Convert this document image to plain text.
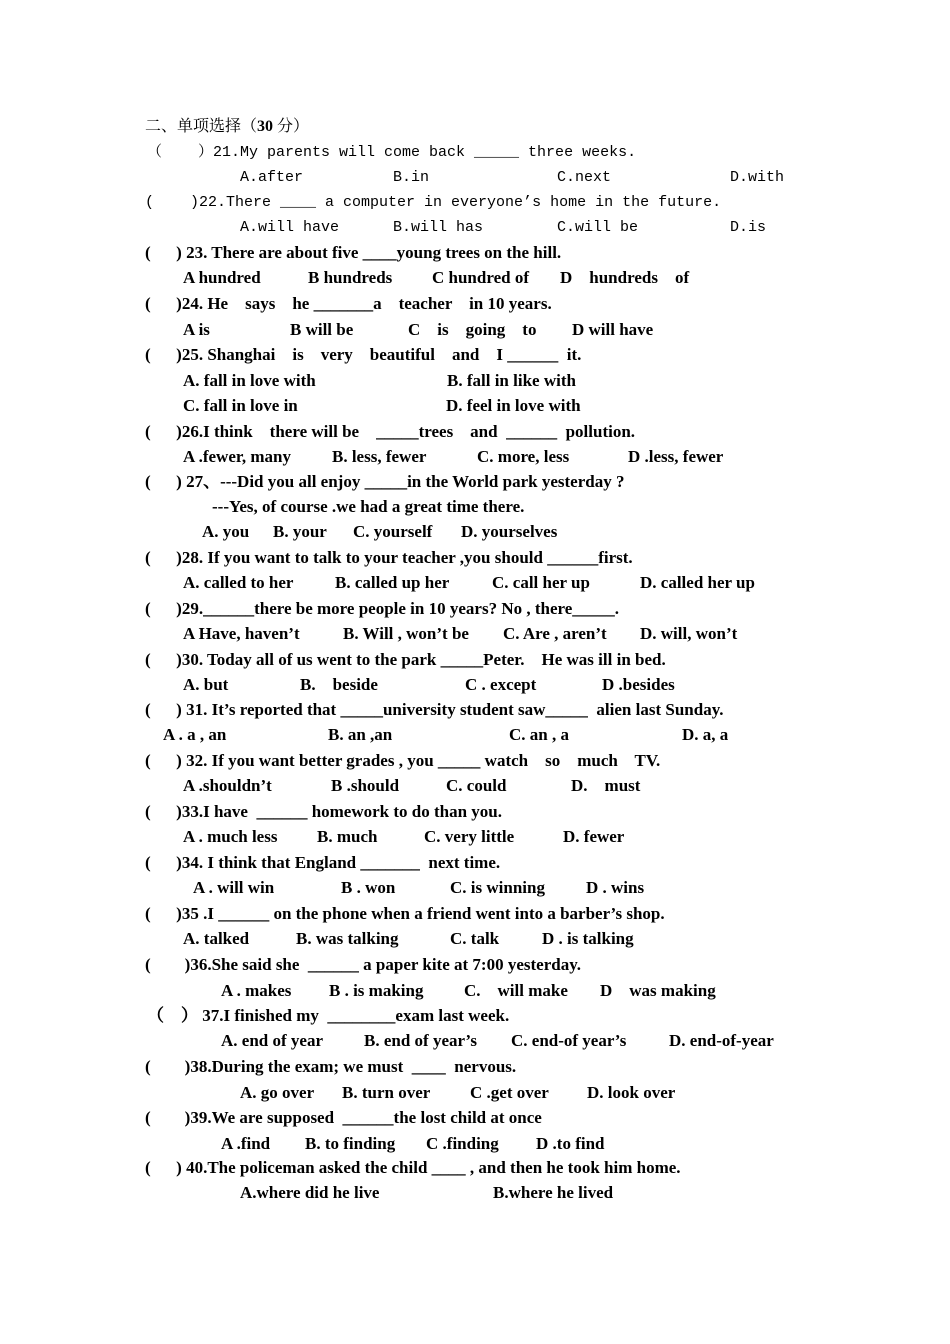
二、单项选择（30 分）
（    ）21.My parents will come back _____ three weeks.
A.after	B.in	C.next	D.with
(    )22.There ____ a computer in everyone’s home in the future.
A.will have	B.will has	C.will be	D.is
(      ) 23. There are about five ____young trees on the hill.
A hundred	B hundreds C hundred of D    hundreds    of
(      )24. He    says    he _______a    teacher    in 10 years.
A is	B will be	C    is    going    to D will have
(      )25. Shanghai    is    very    beautiful    and    I ______  it.
A. fall in love with	B. fall in like with
C. fall in love in	D. feel in love with
(      )26.I think    there will be    _____trees    and  ______  pollution.
A .fewer, many B. less, fewer	C. more, less	D .less, fewer
(      ) 27、---Did you all enjoy _____in the World park yesterday ?
---Yes, of course .we had a great time there.
A. you B. your C. yourself D. yourselves
(      )28. If you want to talk to your teacher ,you should ______first.
A. called to her B. called up her	C. call her up	D. called her up
(      )29.______there be more people in 10 years? No , there_____.
A Have, haven’t	B. Will , won’t be C. Are , aren’t D. will, won’t
(      )30. Today all of us went to the park _____Peter.    He was ill in bed.
A. but	B.    beside	C . except	D .besides
(      ) 31. It’s reported that _____university student saw_____  alien last Sunday.
A . a , an	B. an ,an	C. an , a	D. a, a
(      ) 32. If you want better grades , you _____ watch    so    much    TV.
A .shouldn’t	B .should	C. could	D.    must
(      )33.I have  ______ homework to do than you.
A . much less B. much	C. very little	D. fewer
(      )34. I think that England _______  next time.
A . will win	B . won	C. is winning D . wins
(      )35 .I ______ on the phone when a friend went into a barber’s shop.
A. talked	B. was talking	C. talk	D . is talking
(        )36.She said she  ______ a paper kite at 7:00 yesterday.
A . makes B . is making C.    will make D    was making
（    ） 37.I finished my  ________exam last week.
A. end of year B. end of year’s C. end-of year’s	D. end-of-year
(        )38.During the exam; we must  ____  nervous.
A. go over B. turn over C .get over D. look over
(        )39.We are supposed  ______the lost child at once
A .find B. to finding C .finding D .to find
(      ) 40.The policeman asked the child ____ , and then he took him home.
A.where did he live	B.where he lived
